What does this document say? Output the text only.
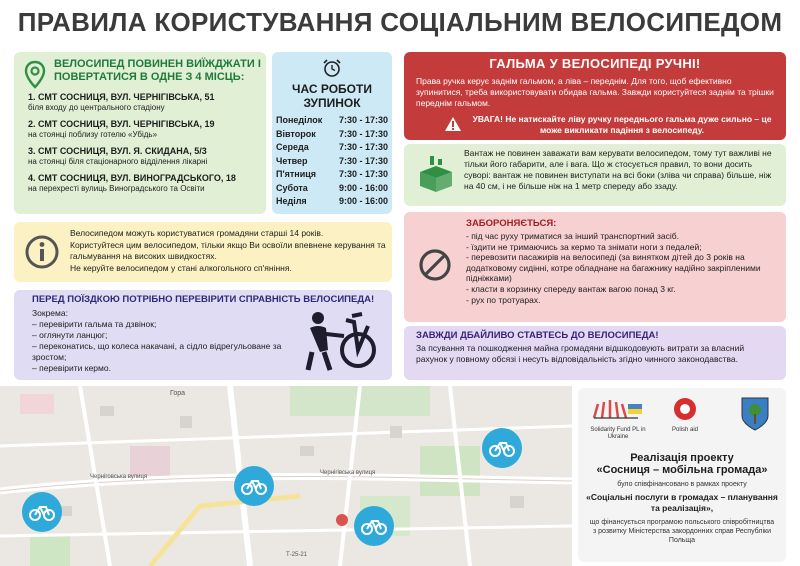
ПРАВИЛА КОРИСТУВАННЯ СОЦІАЛЬНИМ ВЕЛОСИПЕДОМ
ВЕЛОСИПЕД ПОВИНЕН ВИЇЖДЖАТИ І ПОВЕРТАТИСЯ В ОДНЕ З 4 МІСЦЬ:
1. СМТ СОСНИЦЯ, ВУЛ. ЧЕРНІГІВСЬКА, 51
біля входу до центрального стадіону
2. СМТ СОСНИЦЯ, ВУЛ. ЧЕРНІГІВСЬКА, 19
на стоянці поблизу готелю «Убідь»
3. СМТ СОСНИЦЯ, ВУЛ. Я. СКИДАНА, 5/3
на стоянці біля стаціонарного відділення лікарні
4. СМТ СОСНИЦЯ, ВУЛ. ВИНОГРАДСЬКОГО, 18
на перехресті вулиць Виноградського та Освіти
ЧАС РОБОТИ ЗУПИНОК
Понеділок	7:30 - 17:30
Вівторок	7:30 - 17:30
Середа	7:30 - 17:30
Четвер	7:30 - 17:30
П'ятниця	7:30 - 17:30
Субота	9:00 - 16:00
Неділя	9:00 - 16:00
ГАЛЬМА У ВЕЛОСИПЕДІ РУЧНІ!

Права ручка керує заднім гальмом, а ліва – переднім. Для того, щоб ефективно зупинитися, треба використовувати обидва гальма. Завжди користуйтеся заднім та трішки переднім гальмом.

УВАГА! Не натискайте ліву ручку переднього гальма дуже сильно – це може викликати падіння з велосипеду.

Вантаж не повинен заважати вам керувати велосипедом, тому тут важливі не тільки його габарити, але і вага. Що ж стосується правил, то вони досить суворі: вантаж не повинен виступати на всі боки (зліва чи справа) більше, ніж на 40 см, і не більше ніж на 1 метр спереду або ззаду.

Велосипедом можуть користуватися громадяни старші 14 років.
Користуйтеся цим велосипедом, тільки якщо Ви освоїли впевнене керування та гальмування на високих швидкостях.
Не керуйте велосипедом у стані алкогольного сп'яніння.

ЗАБОРОНЯЄТЬСЯ:
- під час руху триматися за інший транспортний засіб.
- їздити не тримаючись за кермо та знімати ноги з педалей;
- перевозити пасажирів на велосипеді (за винятком дітей до 3 років на додатковому сидінні, котре обладнане на багажнику надійно закріпленими підніжками)
- класти в корзинку спереду вантаж вагою понад 3 кг.
- рух по тротуарах.
ПЕРЕД ПОЇЗДКОЮ ПОТРІБНО ПЕРЕВІРИТИ СПРАВНІСТЬ ВЕЛОСИПЕДА!
Зокрема:
– перевірити гальма та дзвінок;
– оглянути ланцюг;
– переконатись, що колеса накачані, а сідло відрегульоване за зростом;
– перевірити кермо.
ЗАВЖДИ ДБАЙЛИВО СТАВТЕСЬ ДО ВЕЛОСИПЕДА!

За псування та пошкодження майна громадяни відшкодовують витрати за власний рахунок у повному обсязі і несуть відповідальність згідно чинного законодавства.

Гора
Черніговська вулиця
Чернігівська вулиця
Т-25-21
Solidarity Fund PL in Ukraine
Polish aid
Реалізація проекту
«Сосниця – мобільна громада»
було співфінансовано в рамках проекту
«Соціальні послуги в громадах – планування та реалізація»,
що фінансується програмою польського співробітництва з розвитку Міністерства закордонних справ Республіки Польща
